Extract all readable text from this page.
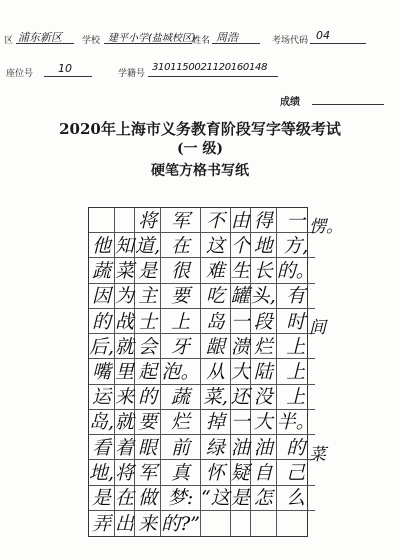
区 浦东新区 学校 建平小学(盐城校区)
姓名 周浩	考场代码 04
座位号 10	学籍号
3101150021120160148
成绩
2020年上海市义务教育阶段写字等级考试
(一 级)
硬笔方格书写纸
将 军 不 由 得 一
他 知 道, 在 这 个 地 方,
蔬 菜 是 很 难 生 长 的。
因 为 主 要 吃 罐 头, 有
的 战 士 上 岛 一 段 时
后, 就 会 牙 龈 溃 烂 上
嘴 里 起 泡。 从 大 陆 上
运 来 的 蔬 菜, 还 没 上
岛, 就 要 烂 掉 一 大 半。
看 着 眼 前 绿 油 油 的
地, 将 军 真 怀 疑 自 己
是 在 做 梦: “这 是 怎 么
弄 出 来 的?”
愣。
间
菜
